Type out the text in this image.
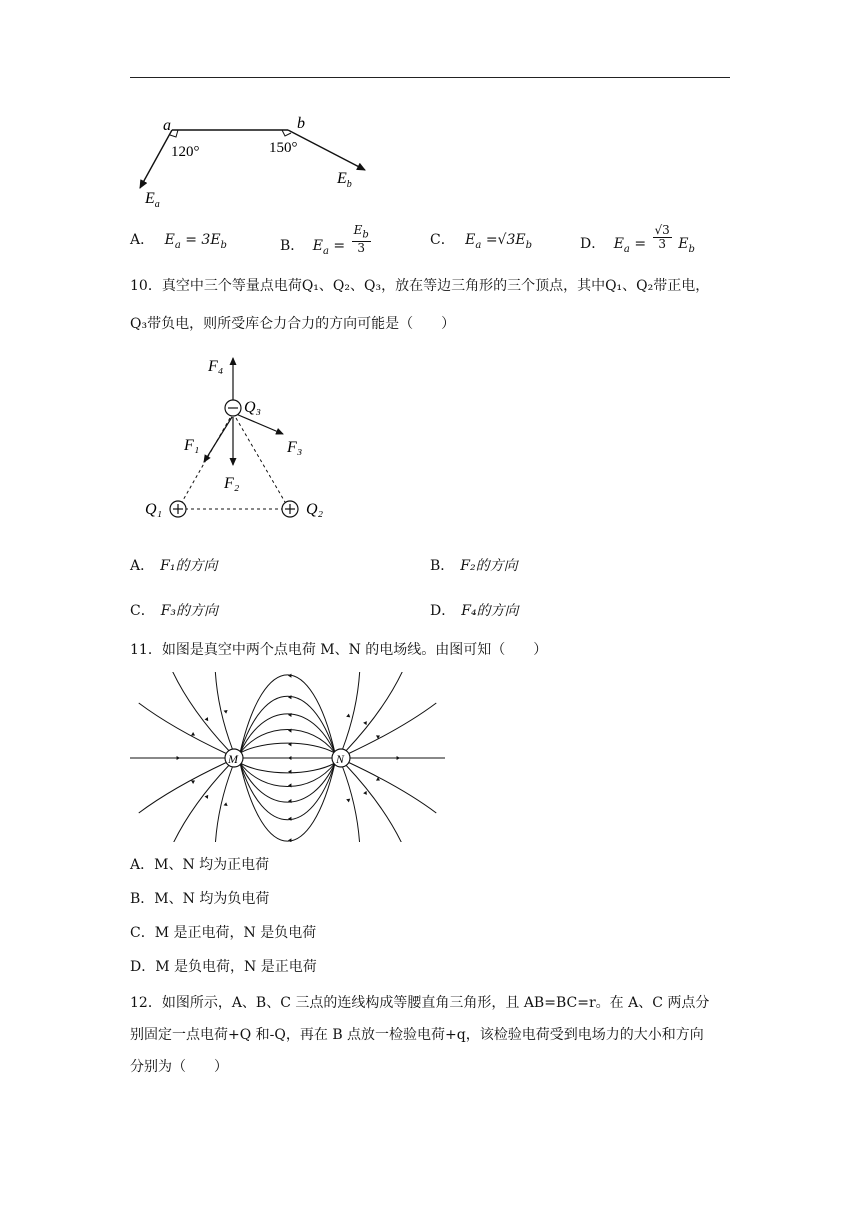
a	b
120°	150°
$E_a$
$E_b$
A． $E_a = 3E_b$	B． $E_a = \frac{E_b}{3}$	C． $E_a =√3E_b$	D． $E_a = \frac{√3}{3} E_b$
10．真空中三个等量点电荷Q₁、Q₂、Q₃，放在等边三角形的三个顶点，其中Q₁、Q₂带正电，
Q₃带负电，则所受库仑力合力的方向可能是（　　）
F₄
Q₃
F₁	F₃
F₂
Q₁	Q₂
A． F₁的方向	B． F₂的方向
C． F₃的方向	D． F₄的方向
11．如图是真空中两个点电荷 M、N 的电场线。由图可知（　　）
M	N
A．M、N 均为正电荷
B．M、N 均为负电荷
C．M 是正电荷，N 是负电荷
D．M 是负电荷，N 是正电荷
12．如图所示，A、B、C 三点的连线构成等腰直角三角形，且 AB=BC=r。在 A、C 两点分
别固定一点电荷+Q 和-Q，再在 B 点放一检验电荷+q，该检验电荷受到电场力的大小和方向
分别为（　　）
